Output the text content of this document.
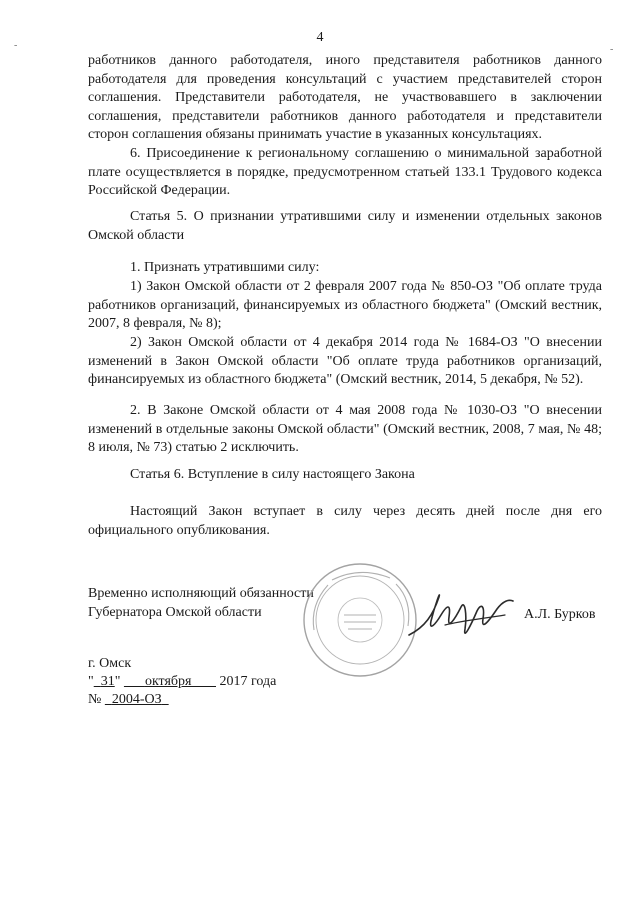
4
-	-

работников данного работодателя, иного представителя работников данного работодателя для проведения консультаций с участием представителей сторон соглашения. Представители работодателя, не участвовавшего в заключении соглашения, представители работников данного работодателя и представители сторон соглашения обязаны принимать участие в указанных консультациях.

6. Присоединение к региональному соглашению о минимальной заработной плате осуществляется в порядке, предусмотренном статьей 133.1 Трудового кодекса Российской Федерации.

Статья 5. О признании утратившими силу и изменении отдельных законов Омской области

1. Признать утратившими силу:

1) Закон Омской области от 2 февраля 2007 года № 850-ОЗ "Об оплате труда работников организаций, финансируемых из областного бюджета" (Омский вестник, 2007, 8 февраля, № 8);

2) Закон Омской области от 4 декабря 2014 года № 1684-ОЗ "О внесении изменений в Закон Омской области "Об оплате труда работников организаций, финансируемых из областного бюджета" (Омский вестник, 2014, 5 декабря, № 52).

2. В Законе Омской области от 4 мая 2008 года № 1030-ОЗ "О внесении изменений в отдельные законы Омской области" (Омский вестник, 2008, 7 мая, № 48; 8 июля, № 73) статью 2 исключить.

Статья 6. Вступление в силу настоящего Закона

Настоящий Закон вступает в силу через десять дней после дня его официального опубликования.

Временно исполняющий обязанности
Губернатора Омской области	А.Л. Бурков
г. Омск
" 31" октября 2017 года
№ 2004-ОЗ
